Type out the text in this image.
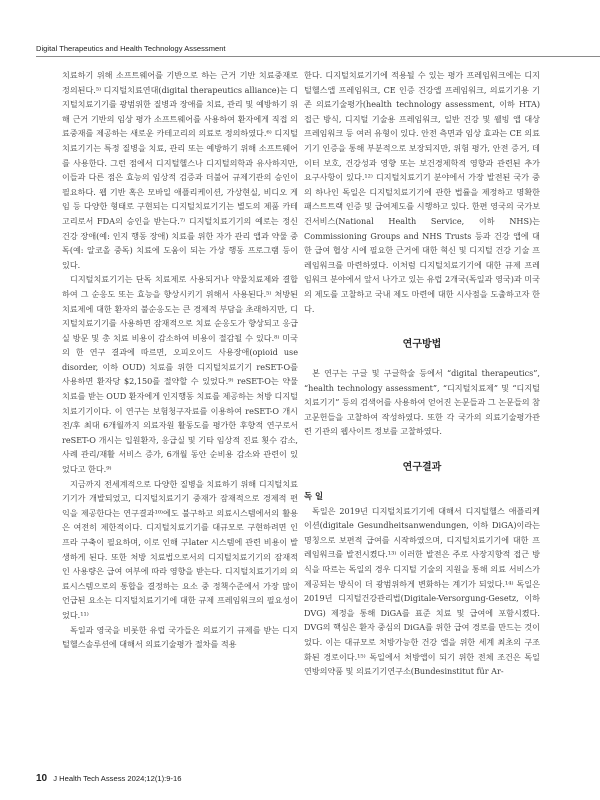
Digital Therapeutics and Health Technology Assessment

치료하기 위해 소프트웨어를 기반으로 하는 근거 기반 치료중재로 정의된다.⁵⁾ 디지털치료연대(digital therapeutics alliance)는 디지털치료기기를 광범위한 질병과 장애를 치료, 관리 및 예방하기 위해 근거 기반의 임상 평가 소프트웨어를 사용하여 환자에게 직접 의료중재를 제공하는 새로운 카테고리의 의료로 정의하였다.⁶⁾ 디지털치료기기는 특정 질병을 치료, 관리 또는 예방하기 위해 소프트웨어를 사용한다. 그런 점에서 디지털헬스나 디지털의학과 유사하지만, 이들과 다른 점은 효능의 임상적 검증과 더불어 규제기관의 승인이 필요하다. 웹 기반 혹은 모바일 애플리케이션, 가상현실, 비디오 게임 등 다양한 형태로 구현되는 디지털치료기기는 별도의 제품 카테고리로서 FDA의 승인을 받는다.⁷⁾ 디지털치료기기의 예로는 정신건강 장애(예: 인지 행동 장애) 치료를 위한 자가 관리 앱과 약물 중독(예: 알코올 중독) 치료에 도움이 되는 가상 행동 프로그램 등이 있다.

디지털치료기기는 단독 치료제로 사용되거나 약물치료제와 결합하여 그 순응도 또는 효능을 향상시키기 위해서 사용된다.⁵⁾ 처방된 치료제에 대한 환자의 불순응도는 큰 경제적 부담을 초래하지만, 디지털치료기기를 사용하면 잠재적으로 치료 순응도가 향상되고 응급실 방문 및 총 치료 비용이 감소하여 비용이 절감될 수 있다.⁸⁾ 미국의 한 연구 결과에 따르면, 오피오이드 사용장애(opioid use disorder, 이하 OUD) 치료를 위한 디지털치료기기 reSET-O를 사용하면 환자당 $2,150를 절약할 수 있었다.⁹⁾ reSET-O는 약물치료를 받는 OUD 환자에게 인지행동 치료를 제공하는 처방 디지털치료기기이다. 이 연구는 보험청구자료를 이용하여 reSET-O 개시 전/후 최대 6개월까지 의료자원 활동도를 평가한 후향적 연구로서 reSET-O 개시는 입원환자, 응급실 및 기타 임상적 진료 횟수 감소, 사례 관리/재활 서비스 증가, 6개월 동안 순비용 감소와 관련이 있었다고 한다.⁹⁾

지금까지 전세계적으로 다양한 질병을 치료하기 위해 디지털치료기기가 개발되었고, 디지털치료기기 중재가 잠재적으로 경제적 편익을 제공한다는 연구결과¹⁰⁾에도 불구하고 의료시스템에서의 활용은 여전히 제한적이다. 디지털치료기기를 대규모로 구현하려면 인프라 구축이 필요하며, 이로 인해 구later 시스템에 관련 비용이 발생하게 된다. 또한 처방 치료법으로서의 디지털치료기기의 잠재적인 사용량은 급여 여부에 따라 영향을 받는다. 디지털치료기기의 의료시스템으로의 통합을 결정하는 요소 중 정책수준에서 가장 많이 언급된 요소는 디지털치료기기에 대한 규제 프레임워크의 필요성이었다.¹¹⁾

독일과 영국을 비롯한 유럽 국가들은 의료기기 규제를 받는 디지털헬스솔루션에 대해서 의료기술평가 절차를 적용

한다. 디지털치료기기에 적용될 수 있는 평가 프레임워크에는 디지털헬스앱 프레임워크, CE 인증 건강앱 프레임워크, 의료기기용 기존 의료기술평가(health technology assessment, 이하 HTA) 접근 방식, 디지털 기술용 프레임워크, 일반 건강 및 웰빙 앱 대상 프레임워크 등 여러 유형이 있다. 안전 측면과 임상 효과는 CE 의료기기 인증을 통해 부분적으로 보장되지만, 위험 평가, 안전 증거, 데이터 보호, 건강성과 영향 또는 보건경제학적 영향과 관련된 추가 요구사항이 있다.¹²⁾ 디지털치료기기 분야에서 가장 발전된 국가 중의 하나인 독일은 디지털치료기기에 관한 법률을 제정하고 명확한 패스트트랙 인증 및 급여제도를 시행하고 있다. 한편 영국의 국가보건서비스(National Health Service, 이하 NHS)는 Commissioning Groups and NHS Trusts 등과 건강 앱에 대한 급여 협상 시에 필요한 근거에 대한 혁신 및 디지털 건강 기술 프레임워크를 마련하였다. 이처럼 디지털치료기기에 대한 규제 프레임워크 분야에서 앞서 나가고 있는 유럽 2개국(독일과 영국)과 미국의 제도를 고찰하고 국내 제도 마련에 대한 시사점을 도출하고자 한다.

연구방법

본 연구는 구글 및 구글학술 등에서 “digital therapeutics”, “health technology assessment”, “디지털치료제” 및 “디지털치료기기” 등의 검색어를 사용하여 얻어진 논문들과 그 논문들의 참고문헌들을 고찰하여 작성하였다. 또한 각 국가의 의료기술평가관련 기관의 웹사이트 정보를 고찰하였다.

연구결과
독 일

독일은 2019년 디지털치료기기에 대해서 디지털헬스 애플리케이션(digitale Gesundheitsanwendungen, 이하 DiGA)이라는 명칭으로 보편적 급여를 시작하였으며, 디지털치료기기에 대한 프레임워크를 발전시켰다.¹³⁾ 이러한 발전은 주로 사장지향적 접근 방식을 따르는 독일의 경우 디지털 기술의 지원을 통해 의료 서비스가 제공되는 방식이 더 광범위하게 변화하는 계기가 되었다.¹⁴⁾ 독일은 2019년 디지털건강관리법(Digitale-Versorgung-Gesetz, 이하 DVG) 제정을 통해 DiGA를 표준 치료 및 급여에 포함시켰다. DVG의 핵심은 환자 중심의 DiGA를 위한 급여 경로를 만드는 것이었다. 이는 대규모로 처방가능한 건강 앱을 위한 세계 최초의 구조화된 경로이다.¹⁵⁾ 독일에서 처방앱이 되기 위한 전체 조건은 독일 연방의약품 및 의료기기연구소(Bundesinstitut für Ar-

10 J Health Tech Assess 2024;12(1):9-16
